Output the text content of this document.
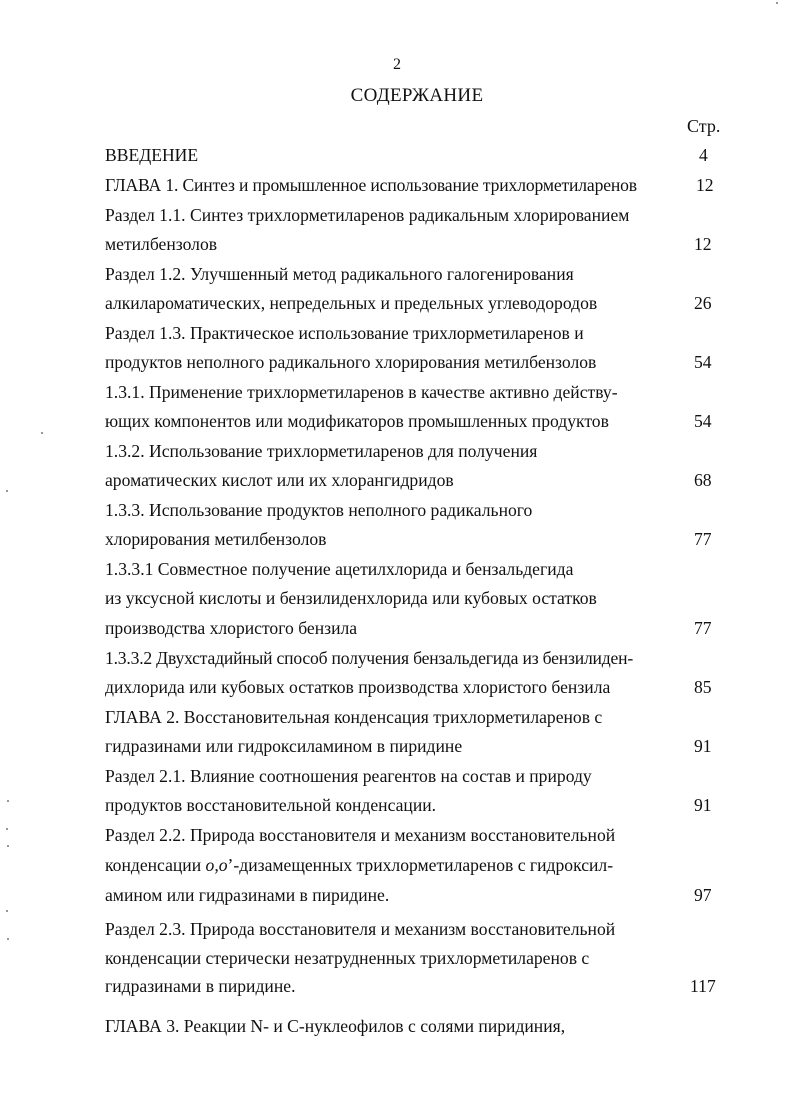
2
СОДЕРЖАНИЕ
Стр.
ВВЕДЕНИЕ	4
ГЛАВА 1. Синтез и промышленное использование трихлорметиларенов	12
Раздел 1.1. Синтез трихлорметиларенов радикальным хлорированием
метилбензолов	12
Раздел 1.2. Улучшенный метод радикального галогенирования
алкилароматических, непредельных и предельных углеводородов	26
Раздел 1.3. Практическое использование трихлорметиларенов и
продуктов неполного радикального хлорирования метилбензолов	54
1.3.1. Применение трихлорметиларенов в качестве активно действу-
ющих компонентов или модификаторов промышленных продуктов	54
1.3.2. Использование трихлорметиларенов для получения
ароматических кислот или их хлорангидридов	68
1.3.3. Использование продуктов неполного радикального
хлорирования метилбензолов	77
1.3.3.1 Совместное получение ацетилхлорида и бензальдегида
из уксусной кислоты и бензилиденхлорида или кубовых остатков
производства хлористого бензила	77
1.3.3.2 Двухстадийный способ получения бензальдегида из бензилиден-
дихлорида или кубовых остатков производства хлористого бензила	85
ГЛАВА 2. Восстановительная конденсация трихлорметиларенов с
гидразинами или гидроксиламином в пиридине	91
Раздел 2.1. Влияние соотношения реагентов на состав и природу
продуктов восстановительной конденсации.	91
Раздел 2.2. Природа восстановителя и механизм восстановительной
конденсации o,o’-дизамещенных трихлорметиларенов с гидроксил-
амином или гидразинами в пиридине.	97
Раздел 2.3. Природа восстановителя и механизм восстановительной
конденсации стерически незатрудненных трихлорметиларенов с
гидразинами в пиридине.	117
ГЛАВА 3. Реакции N- и C-нуклеофилов с солями пиридиния,
